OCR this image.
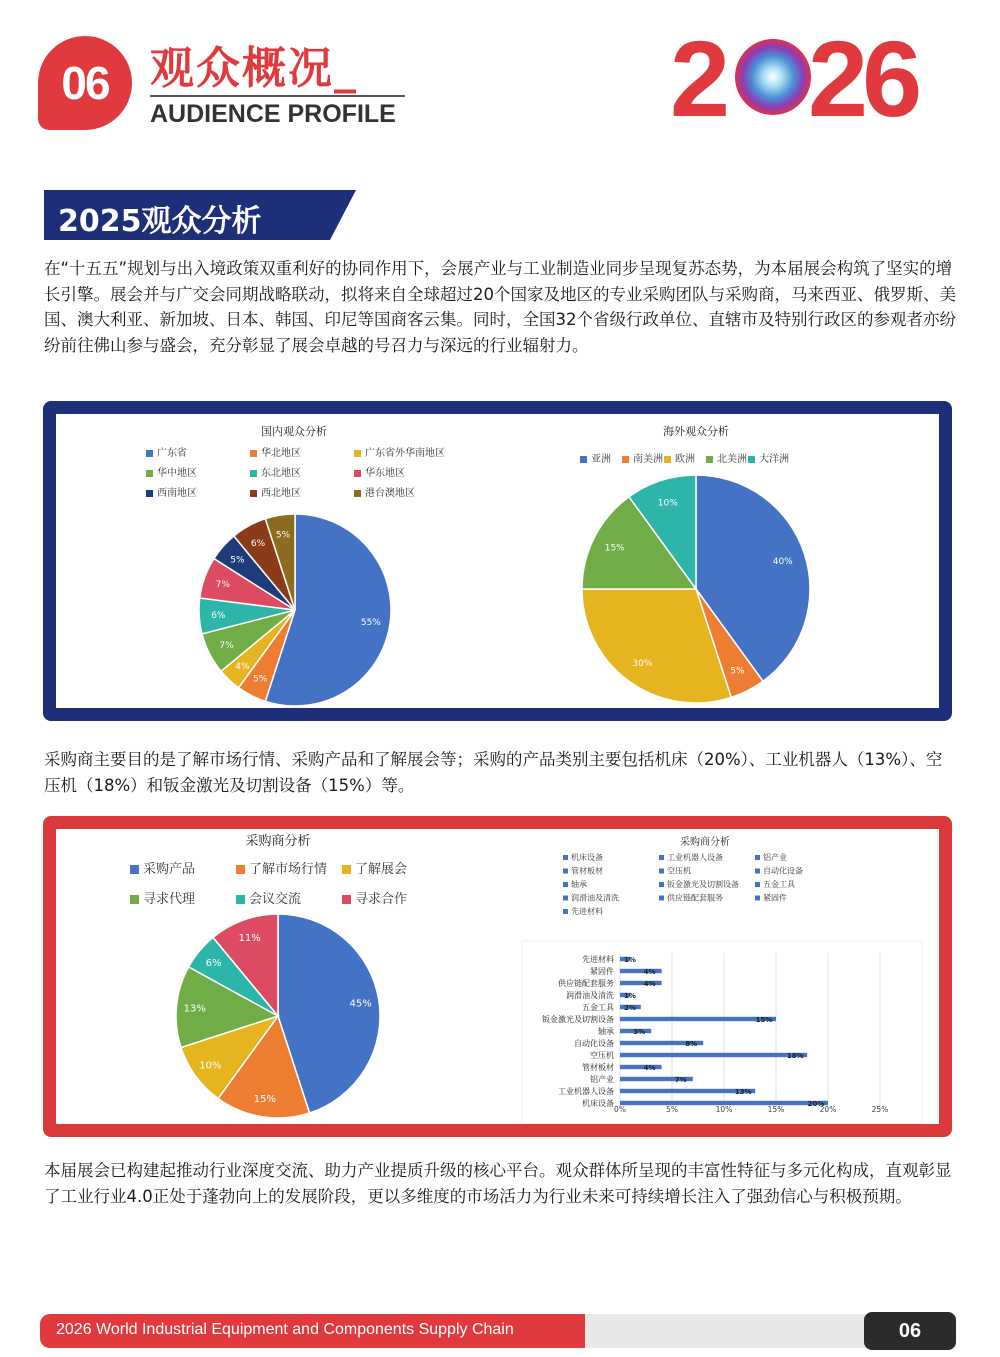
06 观众概况_
AUDIENCE PROFILE	2 26
2025观众分析
在“十五五”规划与出入境政策双重利好的协同作用下，会展产业与工业制造业同步呈现复苏态势，为本届展会构筑了坚实的增长引擎。展会并与广交会同期战略联动，拟将来自全球超过20个国家及地区的专业采购团队与采购商，马来西亚、俄罗斯、美国、澳大利亚、新加坡、日本、韩国、印尼等国商客云集。同时，全国32个省级行政单位、直辖市及特别行政区的参观者亦纷纷前往佛山参与盛会，充分彰显了展会卓越的号召力与深远的行业辐射力。
国内观众分析
广东省	华北地区	广东省外华南地区
华中地区	东北地区	华东地区
西南地区	西北地区	港台澳地区
55%
5%
4%
7%
6%
7%
5%
6%
5%
海外观众分析
亚洲 南美洲 欧洲 北美洲 大洋洲
40%
5%
30%
15%
10%
采购商主要目的是了解市场行情、采购产品和了解展会等；采购的产品类别主要包括机床（20%）、工业机器人（13%）、空压机（18%）和钣金激光及切割设备（15%）等。
采购商分析
采购产品	了解市场行情 了解展会
寻求代理	会议交流	寻求合作
45%
15%
10%
13%
6%
11%
采购商分析
机床设备	工业机器人设备	铝产业
管材板材	空压机	自动化设备
轴承	钣金激光及切割设备	五金工具
润滑油及清洗	供应链配套服务	紧固件
先进材料
0%	5%	10%	15%	20%	25%
先进材料 1%
紧固件	4%
供应链配套服务	4%
润滑油及清洗 1%
五金工具 2%
钣金激光及切割设备	15%
轴承	3%
自动化设备	8%
空压机	18%
管材板材	4%
铝产业	7%
工业机器人设备	13%
机床设备	20%
本届展会已构建起推动行业深度交流、助力产业提质升级的核心平台。观众群体所呈现的丰富性特征与多元化构成，直观彰显了工业行业4.0正处于蓬勃向上的发展阶段，更以多维度的市场活力为行业未来可持续增长注入了强劲信心与积极预期。
2026 World Industrial Equipment and Components Supply Chain	06
